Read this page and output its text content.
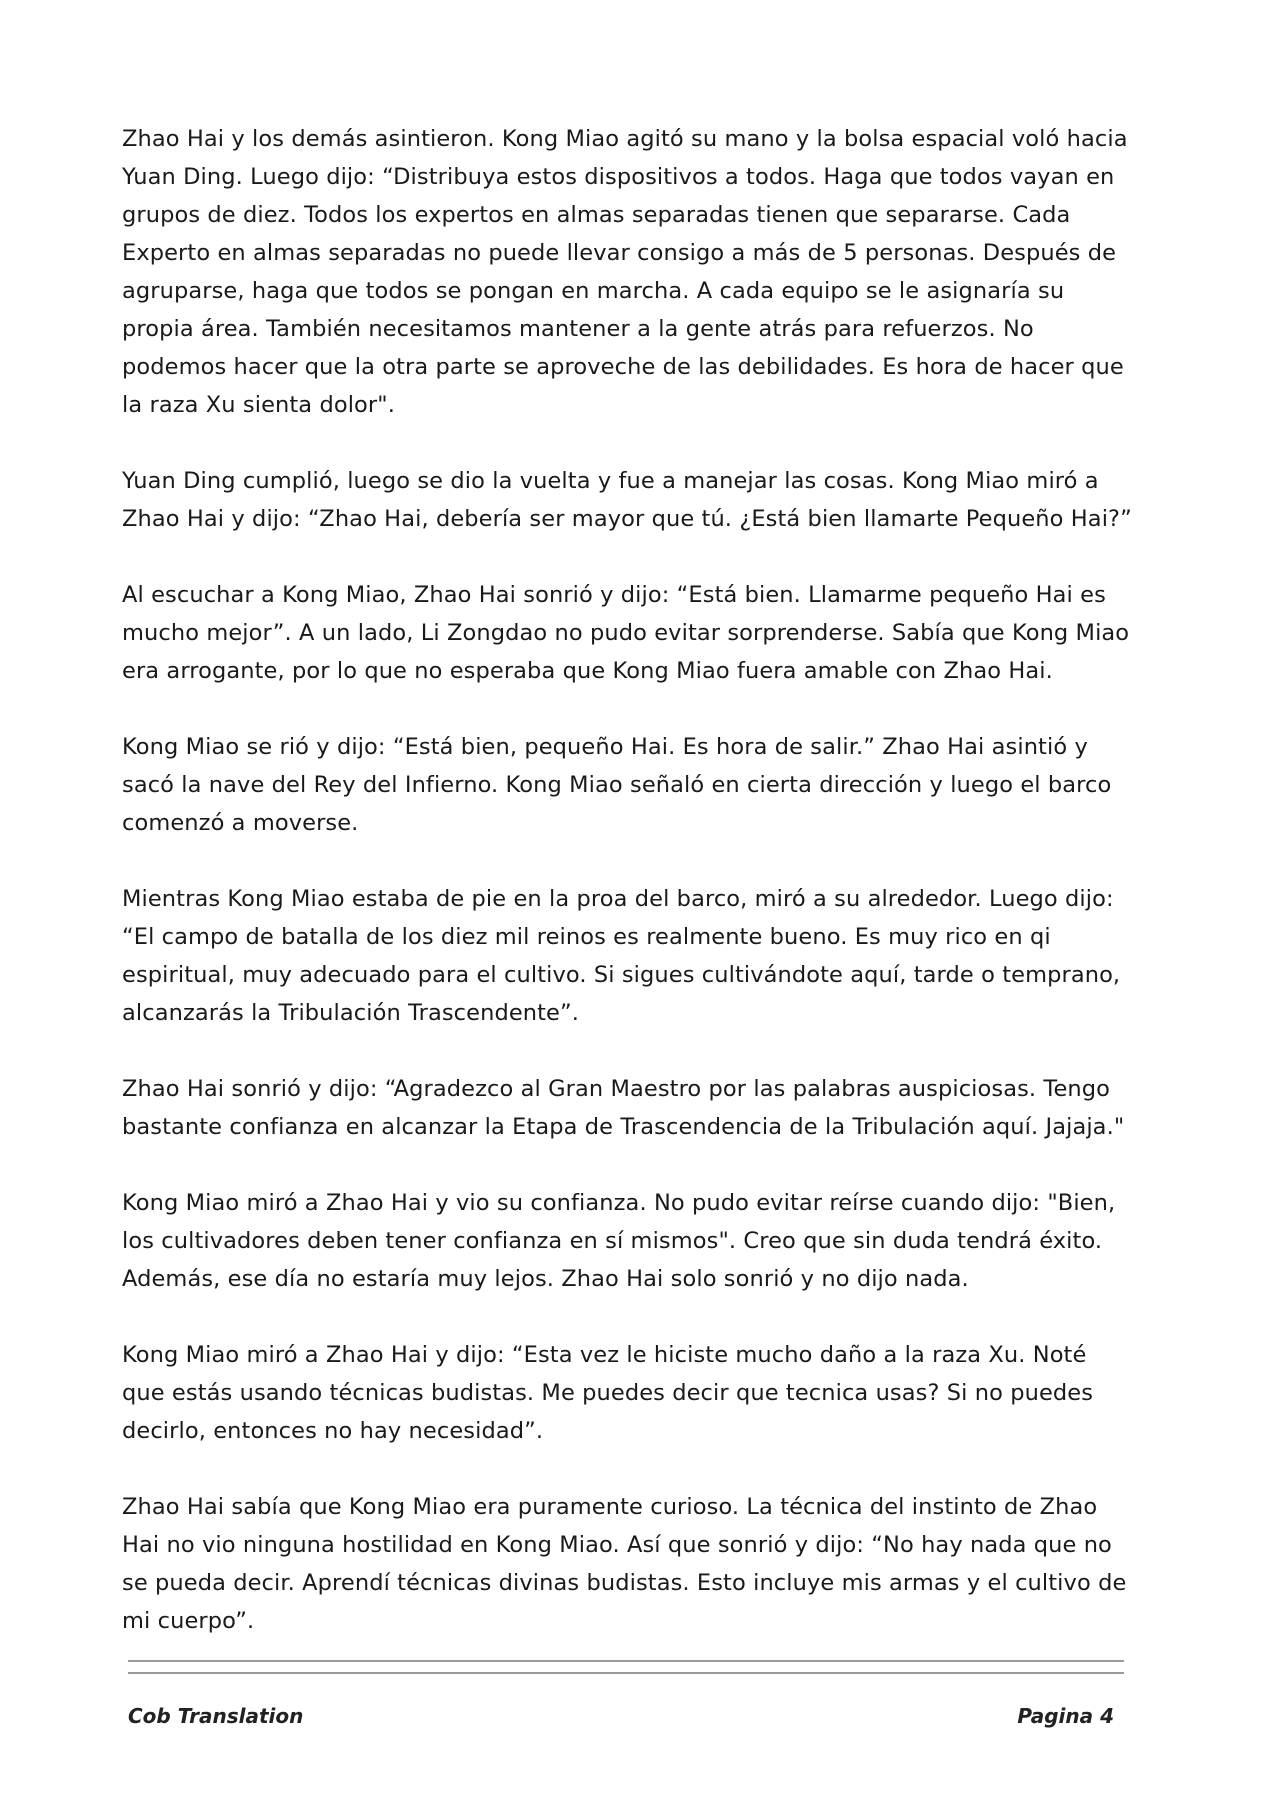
Zhao Hai y los demás asintieron. Kong Miao agitó su mano y la bolsa espacial voló hacia Yuan Ding. Luego dijo: “Distribuya estos dispositivos a todos. Haga que todos vayan en grupos de diez. Todos los expertos en almas separadas tienen que separarse. Cada Experto en almas separadas no puede llevar consigo a más de 5 personas. Después de agruparse, haga que todos se pongan en marcha. A cada equipo se le asignaría su propia área. También necesitamos mantener a la gente atrás para refuerzos. No podemos hacer que la otra parte se aproveche de las debilidades. Es hora de hacer que la raza Xu sienta dolor".

Yuan Ding cumplió, luego se dio la vuelta y fue a manejar las cosas. Kong Miao miró a Zhao Hai y dijo: “Zhao Hai, debería ser mayor que tú. ¿Está bien llamarte Pequeño Hai?”

Al escuchar a Kong Miao, Zhao Hai sonrió y dijo: “Está bien. Llamarme pequeño Hai es mucho mejor”. A un lado, Li Zongdao no pudo evitar sorprenderse. Sabía que Kong Miao era arrogante, por lo que no esperaba que Kong Miao fuera amable con Zhao Hai.

Kong Miao se rió y dijo: “Está bien, pequeño Hai. Es hora de salir.” Zhao Hai asintió y sacó la nave del Rey del Infierno. Kong Miao señaló en cierta dirección y luego el barco comenzó a moverse.

Mientras Kong Miao estaba de pie en la proa del barco, miró a su alrededor. Luego dijo: “El campo de batalla de los diez mil reinos es realmente bueno. Es muy rico en qi espiritual, muy adecuado para el cultivo. Si sigues cultivándote aquí, tarde o temprano, alcanzarás la Tribulación Trascendente”.

Zhao Hai sonrió y dijo: “Agradezco al Gran Maestro por las palabras auspiciosas. Tengo bastante confianza en alcanzar la Etapa de Trascendencia de la Tribulación aquí. Jajaja."

Kong Miao miró a Zhao Hai y vio su confianza. No pudo evitar reírse cuando dijo: "Bien, los cultivadores deben tener confianza en sí mismos". Creo que sin duda tendrá éxito. Además, ese día no estaría muy lejos. Zhao Hai solo sonrió y no dijo nada.

Kong Miao miró a Zhao Hai y dijo: “Esta vez le hiciste mucho daño a la raza Xu. Noté que estás usando técnicas budistas. Me puedes decir que tecnica usas? Si no puedes decirlo, entonces no hay necesidad”.

Zhao Hai sabía que Kong Miao era puramente curioso. La técnica del instinto de Zhao Hai no vio ninguna hostilidad en Kong Miao. Así que sonrió y dijo: “No hay nada que no se pueda decir. Aprendí técnicas divinas budistas. Esto incluye mis armas y el cultivo de mi cuerpo”.

Cob Translation	Pagina 4
